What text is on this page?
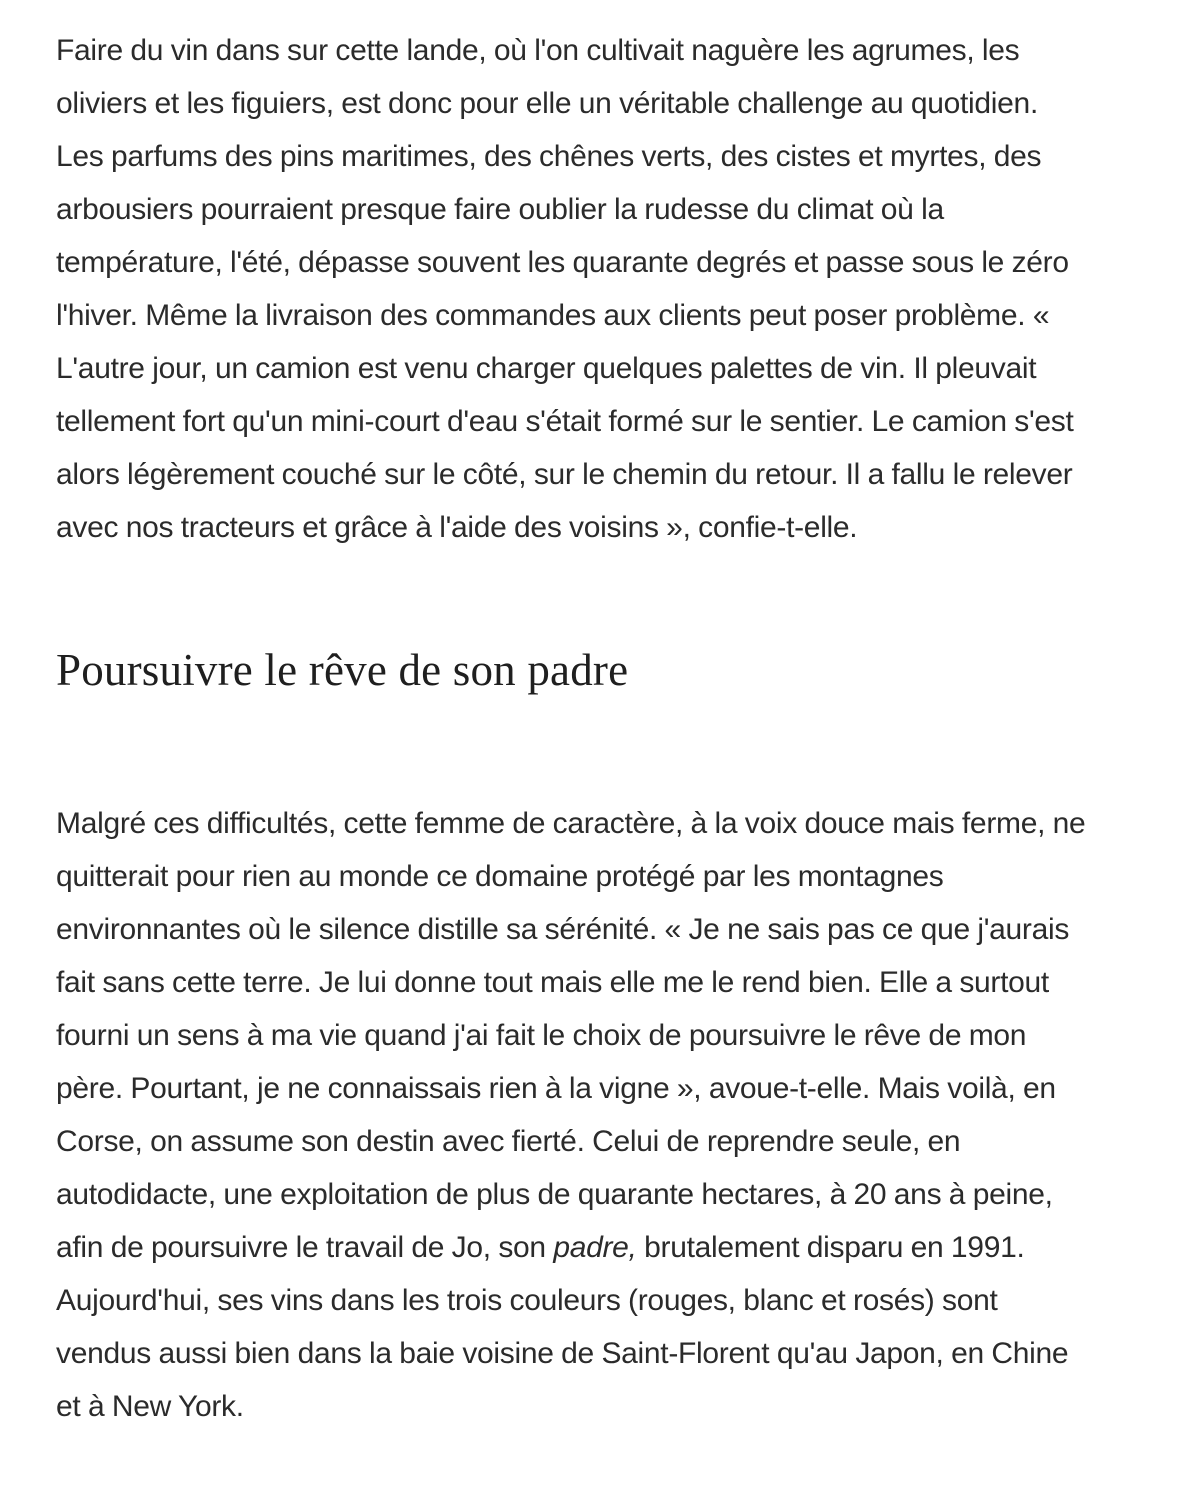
Faire du vin dans sur cette lande, où l'on cultivait naguère les agrumes, les oliviers et les figuiers, est donc pour elle un véritable challenge au quotidien. Les parfums des pins maritimes, des chênes verts, des cistes et myrtes, des arbousiers pourraient presque faire oublier la rudesse du climat où la température, l'été, dépasse souvent les quarante degrés et passe sous le zéro l'hiver. Même la livraison des commandes aux clients peut poser problème. « L'autre jour, un camion est venu charger quelques palettes de vin. Il pleuvait tellement fort qu'un mini-court d'eau s'était formé sur le sentier. Le camion s'est alors légèrement couché sur le côté, sur le chemin du retour. Il a fallu le relever avec nos tracteurs et grâce à l'aide des voisins », confie-t-elle.

Poursuivre le rêve de son padre

Malgré ces difficultés, cette femme de caractère, à la voix douce mais ferme, ne quitterait pour rien au monde ce domaine protégé par les montagnes environnantes où le silence distille sa sérénité. « Je ne sais pas ce que j'aurais fait sans cette terre. Je lui donne tout mais elle me le rend bien. Elle a surtout fourni un sens à ma vie quand j'ai fait le choix de poursuivre le rêve de mon père. Pourtant, je ne connaissais rien à la vigne », avoue-t-elle. Mais voilà, en Corse, on assume son destin avec fierté. Celui de reprendre seule, en autodidacte, une exploitation de plus de quarante hectares, à 20 ans à peine, afin de poursuivre le travail de Jo, son padre, brutalement disparu en 1991. Aujourd'hui, ses vins dans les trois couleurs (rouges, blanc et rosés) sont vendus aussi bien dans la baie voisine de Saint-Florent qu'au Japon, en Chine et à New York.
